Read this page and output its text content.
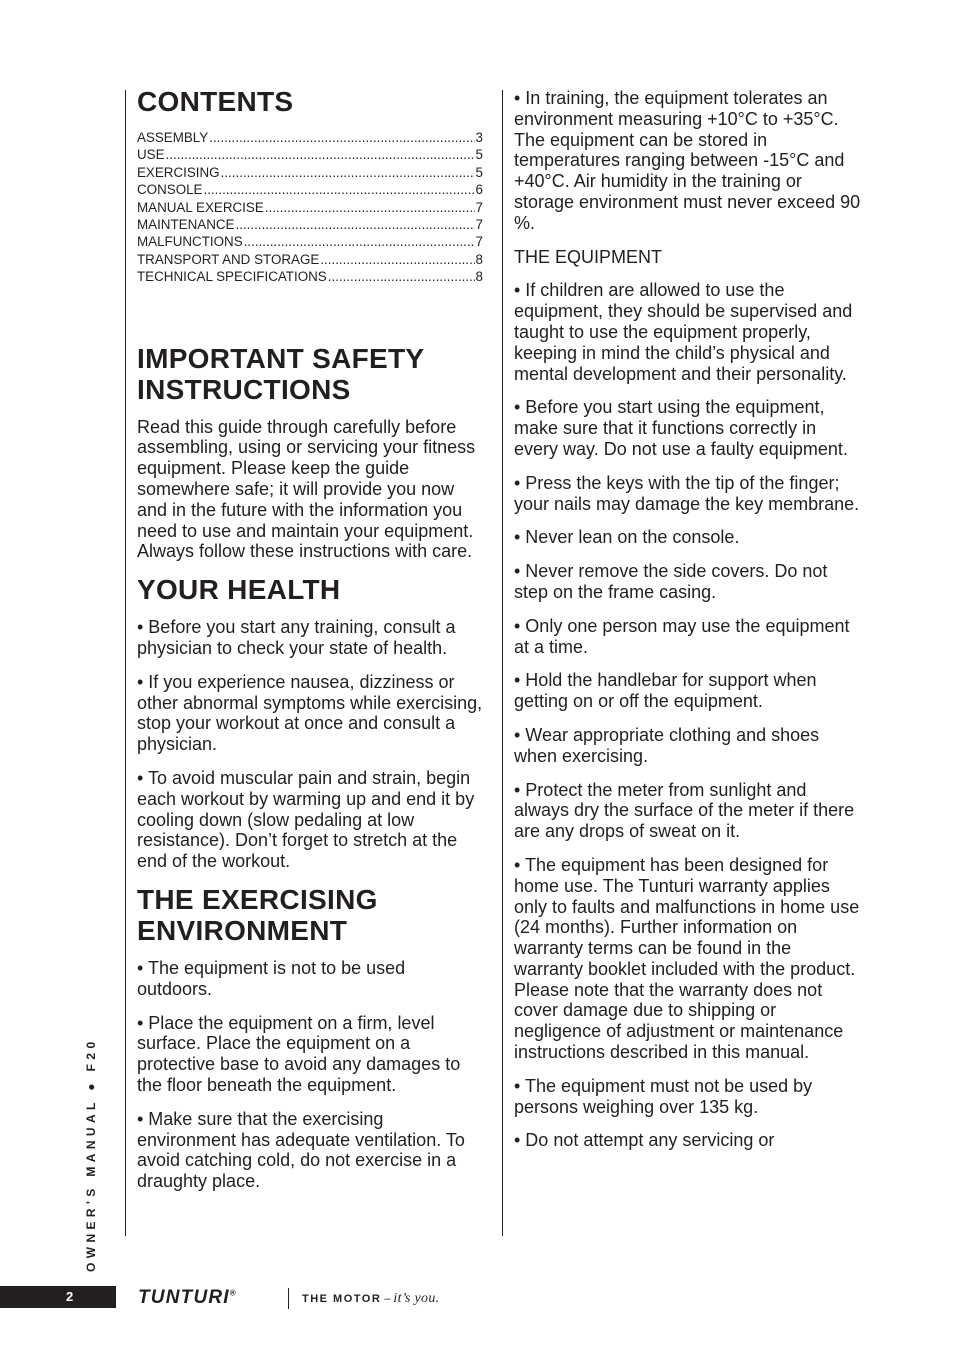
CONTENTS
ASSEMBLY .....	3
USE .....	5
EXERCISING .....	5
CONSOLE .....	6
MANUAL EXERCISE .....	7
MAINTENANCE .....	7
MALFUNCTIONS .....	7
TRANSPORT AND STORAGE .....	8
TECHNICAL SPECIFICATIONS .....	8
IMPORTANT SAFETY
INSTRUCTIONS

Read this guide through carefully before assembling, using or servicing your fitness equipment. Please keep the guide somewhere safe; it will provide you now and in the future with the information you need to use and maintain your equipment. Always follow these instructions with care.

YOUR HEALTH

• Before you start any training, consult a physician to check your state of health.

• If you experience nausea, dizziness or other abnormal symptoms while exercising, stop your workout at once and consult a physician.

• To avoid muscular pain and strain, begin each workout by warming up and end it by cooling down (slow pedaling at low resistance). Don’t forget to stretch at the end of the workout.

THE EXERCISING
ENVIRONMENT

• The equipment is not to be used outdoors.

• Place the equipment on a firm, level surface. Place the equipment on a protective base to avoid any damages to the floor beneath the equipment.

• Make sure that the exercising environment has adequate ventilation. To avoid catching cold, do not exercise in a draughty place.

• In training, the equipment tolerates an environment measuring +10°C to +35°C. The equipment can be stored in temperatures ranging between -15°C and +40°C. Air humidity in the training or storage environment must never exceed 90 %.

THE EQUIPMENT

• If children are allowed to use the equipment, they should be supervised and taught to use the equipment properly, keeping in mind the child’s physical and mental development and their personality.

• Before you start using the equipment, make sure that it functions correctly in every way. Do not use a faulty equipment.

• Press the keys with the tip of the finger; your nails may damage the key membrane.

• Never lean on the console.

• Never remove the side covers. Do not step on the frame casing.

• Only one person may use the equipment at a time.

• Hold the handlebar for support when getting on or off the equipment.

• Wear appropriate clothing and shoes when exercising.

• Protect the meter from sunlight and always dry the surface of the meter if there are any drops of sweat on it.

• The equipment has been designed for home use. The Tunturi warranty applies only to faults and malfunctions in home use (24 months). Further information on warranty terms can be found in the warranty booklet included with the product. Please note that the warranty does not cover damage due to shipping or negligence of adjustment or maintenance instructions described in this manual.

• The equipment must not be used by persons weighing over 135 kg.

• Do not attempt any servicing or

OWNER'S MANUAL ● F20
2	TUNTURI®	THE MOTOR – it’s you.
